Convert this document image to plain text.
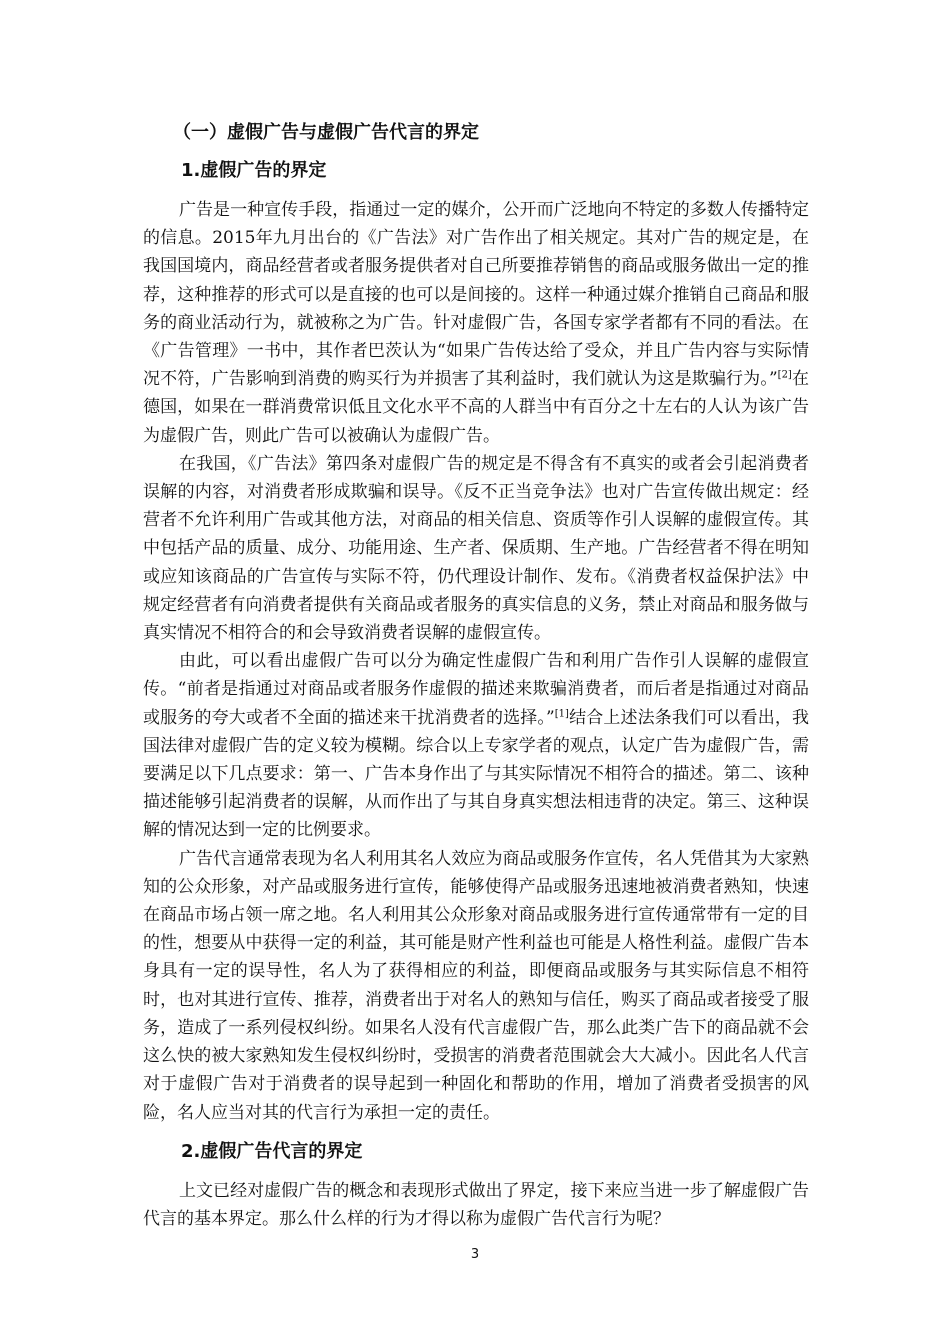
（一）虚假广告与虚假广告代言的界定
1.虚假广告的界定

广告是一种宣传手段，指通过一定的媒介，公开而广泛地向不特定的多数人传播特定的信息。2015年九月出台的《广告法》对广告作出了相关规定。其对广告的规定是，在我国国境内，商品经营者或者服务提供者对自己所要推荐销售的商品或服务做出一定的推荐，这种推荐的形式可以是直接的也可以是间接的。这样一种通过媒介推销自己商品和服务的商业活动行为，就被称之为广告。针对虚假广告，各国专家学者都有不同的看法。在《广告管理》一书中，其作者巴茨认为“如果广告传达给了受众，并且广告内容与实际情况不符，广告影响到消费的购买行为并损害了其利益时，我们就认为这是欺骗行为。”[2]在德国，如果在一群消费常识低且文化水平不高的人群当中有百分之十左右的人认为该广告为虚假广告，则此广告可以被确认为虚假广告。

在我国，《广告法》第四条对虚假广告的规定是不得含有不真实的或者会引起消费者误解的内容，对消费者形成欺骗和误导。《反不正当竞争法》也对广告宣传做出规定：经营者不允许利用广告或其他方法，对商品的相关信息、资质等作引人误解的虚假宣传。其中包括产品的质量、成分、功能用途、生产者、保质期、生产地。广告经营者不得在明知或应知该商品的广告宣传与实际不符，仍代理设计制作、发布。《消费者权益保护法》中规定经营者有向消费者提供有关商品或者服务的真实信息的义务，禁止对商品和服务做与真实情况不相符合的和会导致消费者误解的虚假宣传。

由此，可以看出虚假广告可以分为确定性虚假广告和利用广告作引人误解的虚假宣传。“前者是指通过对商品或者服务作虚假的描述来欺骗消费者，而后者是指通过对商品或服务的夸大或者不全面的描述来干扰消费者的选择。”[1]结合上述法条我们可以看出，我国法律对虚假广告的定义较为模糊。综合以上专家学者的观点，认定广告为虚假广告，需要满足以下几点要求：第一、广告本身作出了与其实际情况不相符合的描述。第二、该种描述能够引起消费者的误解，从而作出了与其自身真实想法相违背的决定。第三、这种误解的情况达到一定的比例要求。

广告代言通常表现为名人利用其名人效应为商品或服务作宣传，名人凭借其为大家熟知的公众形象，对产品或服务进行宣传，能够使得产品或服务迅速地被消费者熟知，快速在商品市场占领一席之地。名人利用其公众形象对商品或服务进行宣传通常带有一定的目的性，想要从中获得一定的利益，其可能是财产性利益也可能是人格性利益。虚假广告本身具有一定的误导性，名人为了获得相应的利益，即便商品或服务与其实际信息不相符时，也对其进行宣传、推荐，消费者出于对名人的熟知与信任，购买了商品或者接受了服务，造成了一系列侵权纠纷。如果名人没有代言虚假广告，那么此类广告下的商品就不会这么快的被大家熟知发生侵权纠纷时，受损害的消费者范围就会大大减小。因此名人代言对于虚假广告对于消费者的误导起到一种固化和帮助的作用，增加了消费者受损害的风险，名人应当对其的代言行为承担一定的责任。

2.虚假广告代言的界定

上文已经对虚假广告的概念和表现形式做出了界定，接下来应当进一步了解虚假广告代言的基本界定。那么什么样的行为才得以称为虚假广告代言行为呢？

3
